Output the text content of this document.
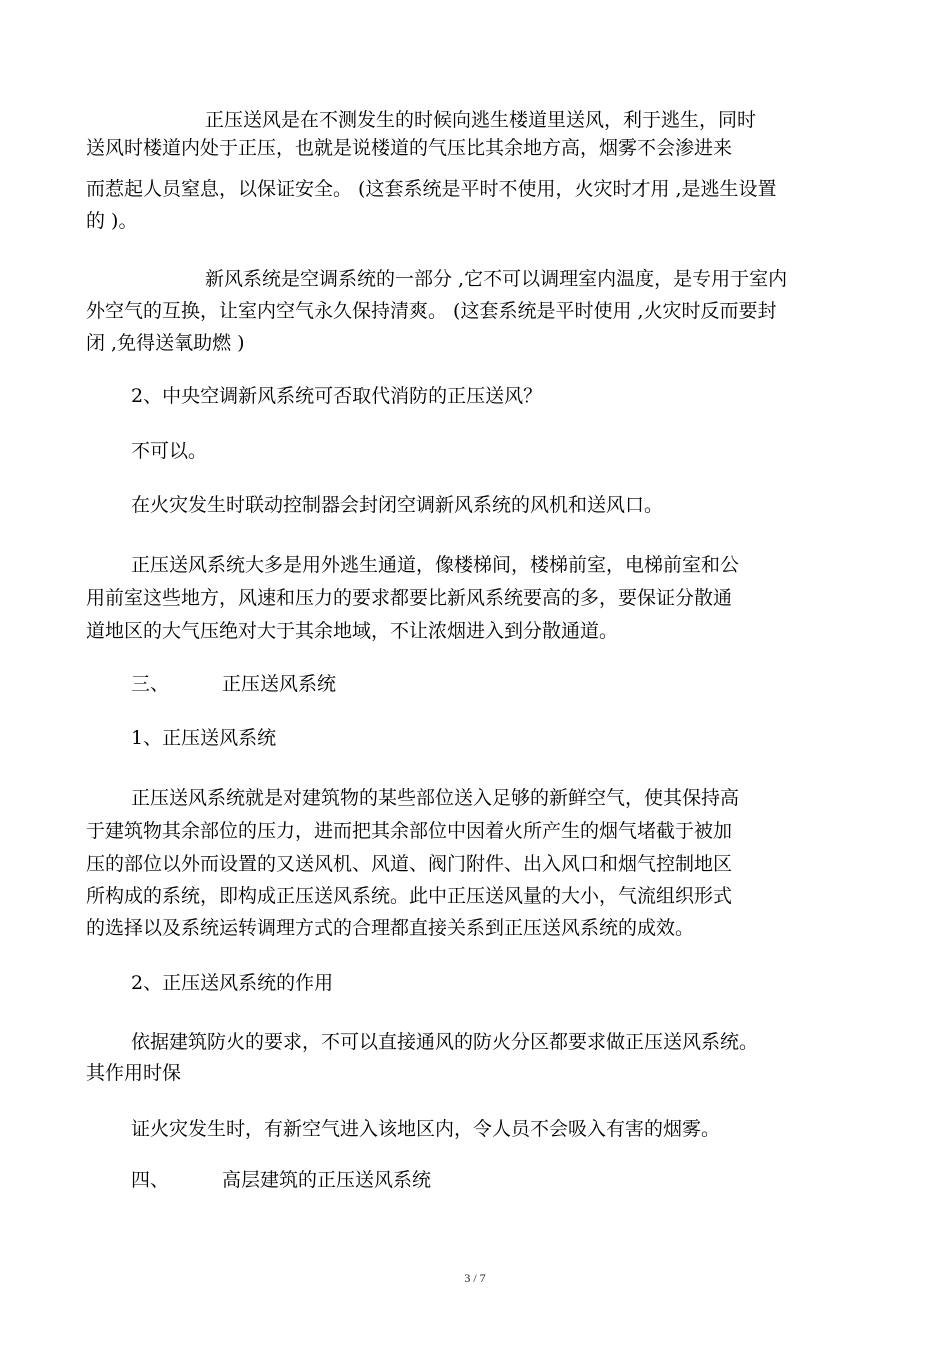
正压送风是在不测发生的时候向逃生楼道里送风，利于逃生，同时
送风时楼道内处于正压，也就是说楼道的气压比其余地方高，烟雾不会渗进来
而惹起人员窒息，以保证安全。 (这套系统是平时不使用，火灾时才用 ,是逃生设置
的 )。
新风系统是空调系统的一部分 ,它不可以调理室内温度，是专用于室内
外空气的互换，让室内空气永久保持清爽。 (这套系统是平时使用 ,火灾时反而要封
闭 ,免得送氧助燃 )
2、中央空调新风系统可否取代消防的正压送风？
不可以。
在火灾发生时联动控制器会封闭空调新风系统的风机和送风口。
正压送风系统大多是用外逃生通道，像楼梯间，楼梯前室，电梯前室和公
用前室这些地方，风速和压力的要求都要比新风系统要高的多，要保证分散通
道地区的大气压绝对大于其余地域，不让浓烟进入到分散通道。
三、	正压送风系统
1、正压送风系统
正压送风系统就是对建筑物的某些部位送入足够的新鲜空气，使其保持高
于建筑物其余部位的压力，进而把其余部位中因着火所产生的烟气堵截于被加
压的部位以外而设置的又送风机、风道、阀门附件、出入风口和烟气控制地区
所构成的系统，即构成正压送风系统。此中正压送风量的大小，气流组织形式
的选择以及系统运转调理方式的合理都直接关系到正压送风系统的成效。
2、正压送风系统的作用
依据建筑防火的要求，不可以直接通风的防火分区都要求做正压送风系统。
其作用时保
证火灾发生时，有新空气进入该地区内，令人员不会吸入有害的烟雾。
四、	高层建筑的正压送风系统
3 / 7
